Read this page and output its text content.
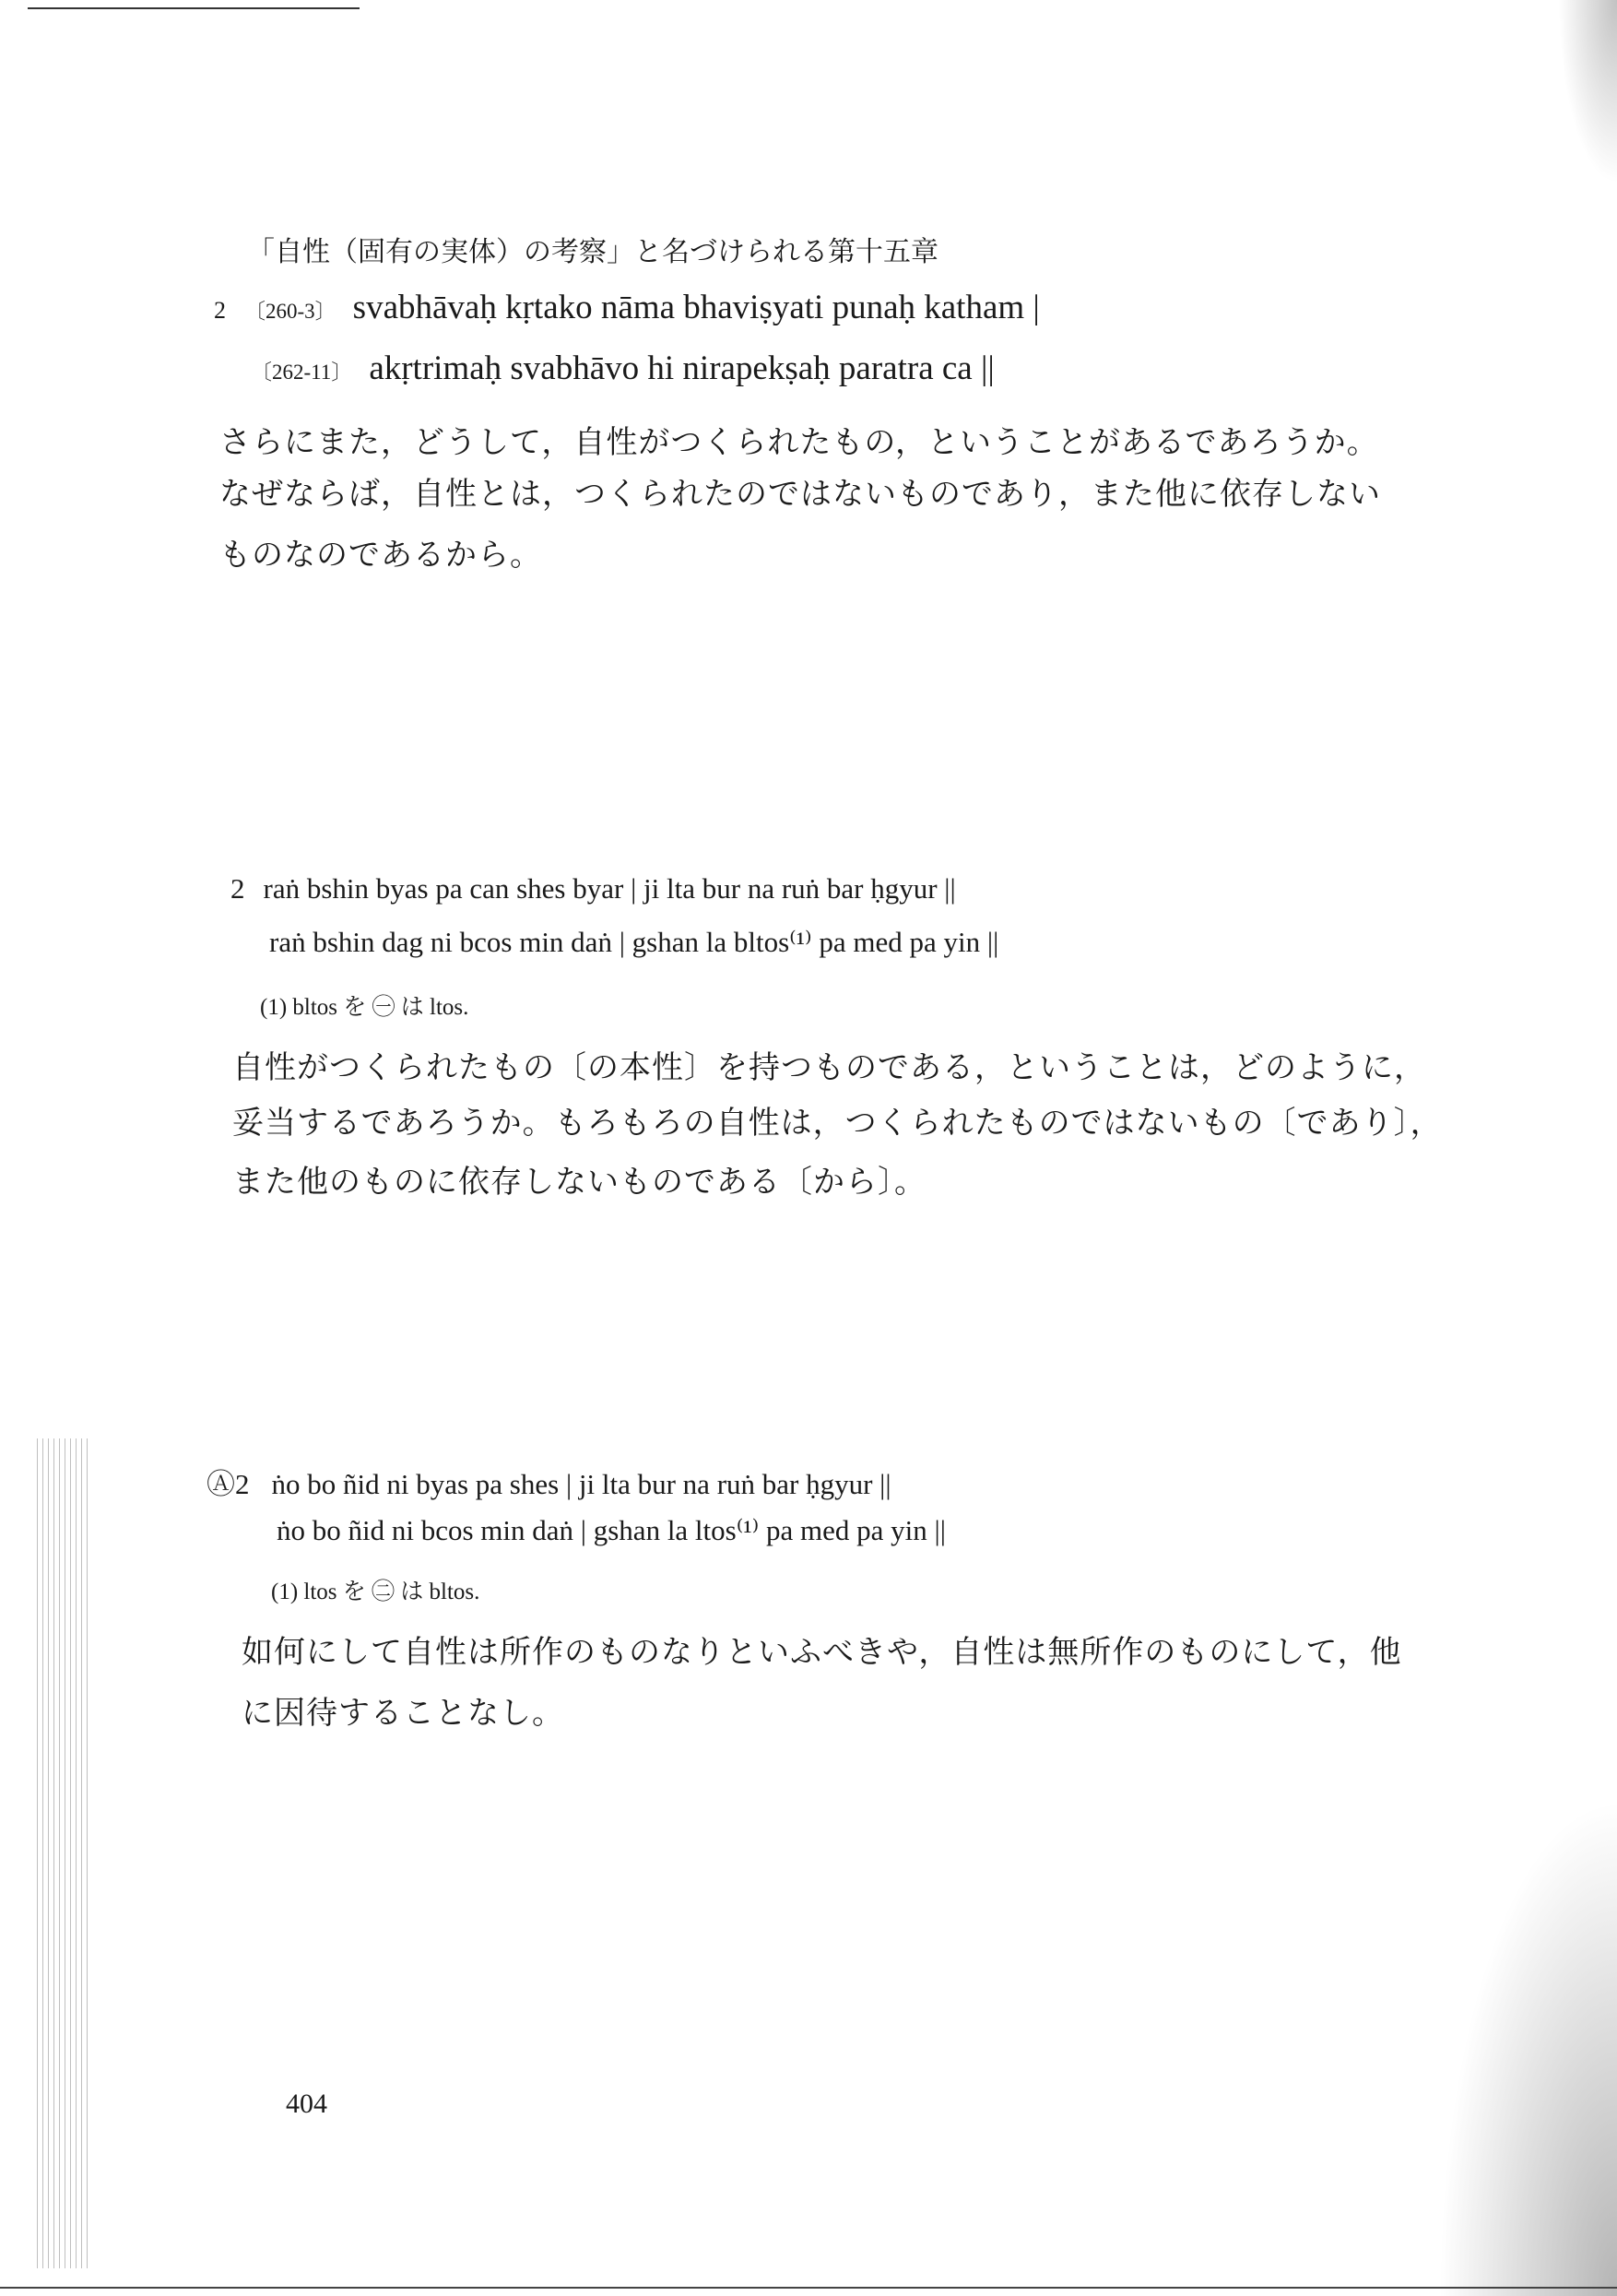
「自性（固有の実体）の考察」と名づけられる第十五章
2 〔260-3〕 svabhāvaḥ kṛtako nāma bhaviṣyati punaḥ katham |
〔262-11〕 akṛtrimaḥ svabhāvo hi nirapekṣaḥ paratra ca ||
さらにまた，どうして，自性がつくられたもの，ということがあるであろうか。
なぜならば，自性とは，つくられたのではないものであり，また他に依存しない
ものなのであるから。
2 raṅ bshin byas pa can shes byar | ji lta bur na ruṅ bar ḥgyur ||
raṅ bshin dag ni bcos min daṅ | gshan la bltos⁽¹⁾ pa med pa yin ||
(1) bltos を ㊀ は ltos.
自性がつくられたもの〔の本性〕を持つものである，ということは，どのように，
妥当するであろうか。もろもろの自性は，つくられたものではないもの〔であり〕，
また他のものに依存しないものである〔から〕。
Ⓐ2 ṅo bo ñid ni byas pa shes | ji lta bur na ruṅ bar ḥgyur ||
ṅo bo ñid ni bcos min daṅ | gshan la ltos⁽¹⁾ pa med pa yin ||
(1) ltos を ㊁ は bltos.
如何にして自性は所作のものなりといふべきや，自性は無所作のものにして，他
に因待することなし。
404
